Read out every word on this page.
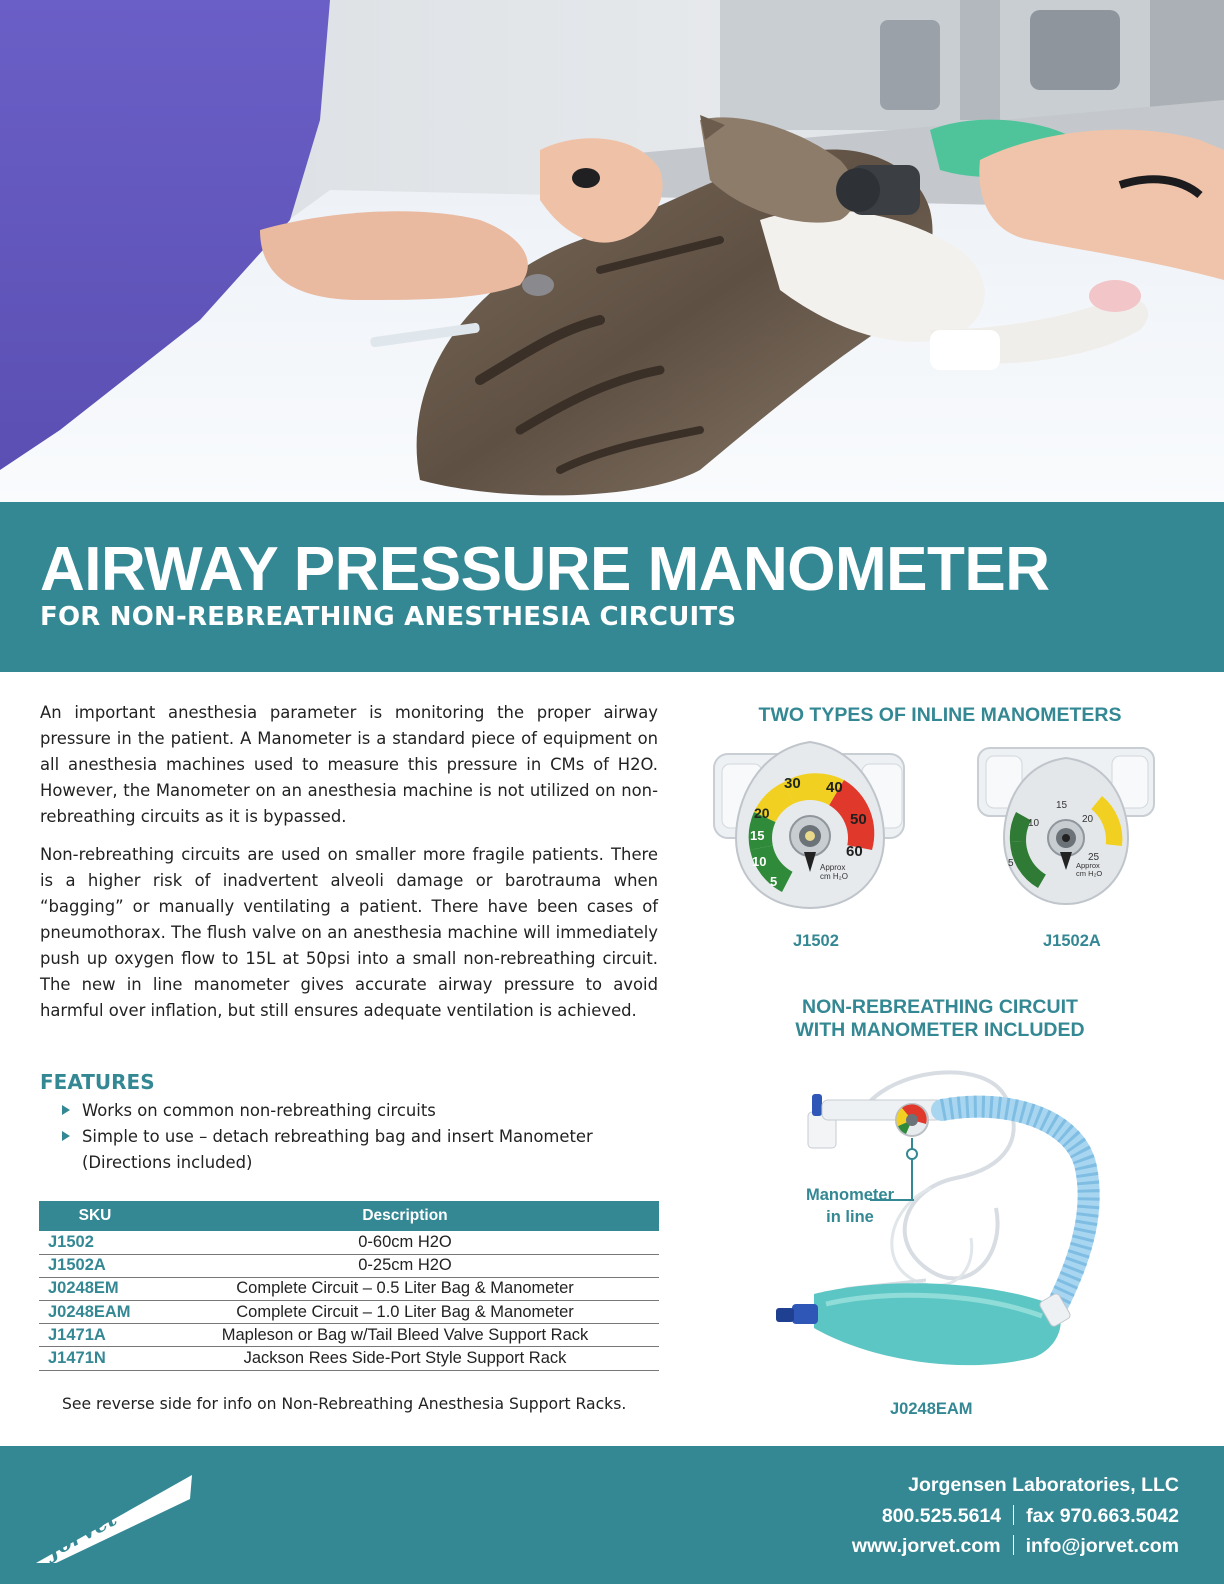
AIRWAY PRESSURE MANOMETER
FOR NON-REBREATHING ANESTHESIA CIRCUITS

An important anesthesia parameter is monitoring the proper airway pressure in the patient. A Manometer is a standard piece of equipment on all anesthesia machines used to measure this pressure in CMs of H2O. However, the Manometer on an anesthesia machine is not utilized on non-rebreathing circuits as it is bypassed.

Non-rebreathing circuits are used on smaller more fragile patients. There is a higher risk of inadvertent alveoli damage or barotrauma when “bagging” or manually ventilating a patient. There have been cases of pneumothorax. The flush valve on an anesthesia machine will immediately push up oxygen flow to 15L at 50psi into a small non-rebreathing circuit. The new in line manometer gives accurate airway pressure to avoid harmful over inflation, but still ensures adequate ventilation is achieved.

FEATURES
Works on common non-rebreathing circuits
Simple to use – detach rebreathing bag and insert Manometer (Directions included)
SKU	Description
J1502	0-60cm H2O
J1502A	0-25cm H2O
J0248EM	Complete Circuit – 0.5 Liter Bag & Manometer
J0248EAM	Complete Circuit – 1.0 Liter Bag & Manometer
J1471A	Mapleson or Bag w/Tail Bleed Valve Support Rack
J1471N	Jackson Rees Side-Port Style Support Rack

See reverse side for info on Non-Rebreathing Anesthesia Support Racks.

TWO TYPES OF INLINE MANOMETERS
5
10
15
20
30 40
50
60
Approx
cm H₂O
J1502
5
10
15
20
25
Approx
cm H₂O
J1502A
NON-REBREATHING CIRCUIT
WITH MANOMETER INCLUDED
Manometer
in line
J0248EAM
JorVet
Jorgensen Laboratories, LLC
800.525.5614 fax 970.663.5042
www.jorvet.com info@jorvet.com
